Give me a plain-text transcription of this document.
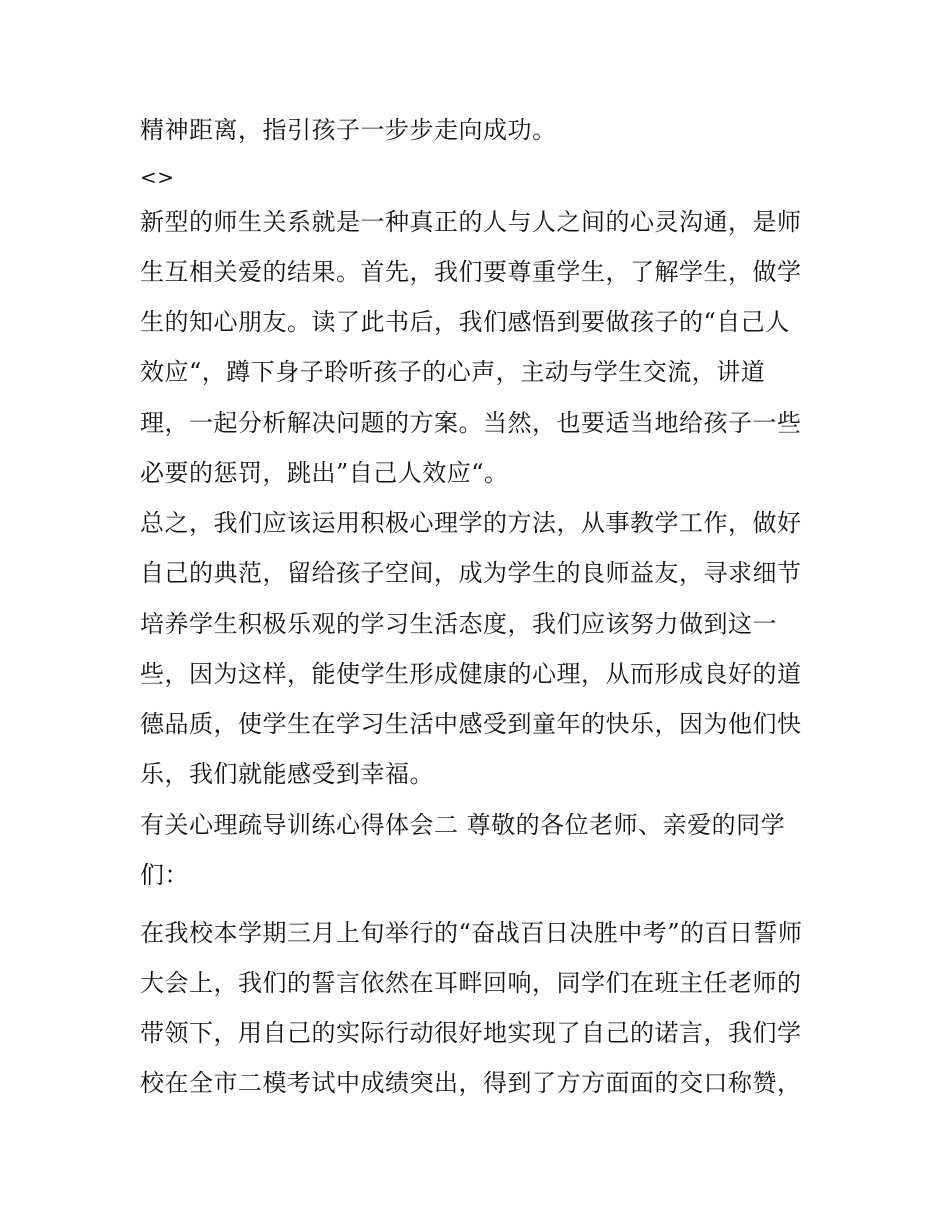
精神距离，指引孩子一步步走向成功。
<>
新型的师生关系就是一种真正的人与人之间的心灵沟通，是师
生互相关爱的结果。首先，我们要尊重学生，了解学生，做学
生的知心朋友。读了此书后，我们感悟到要做孩子的“自己人
效应“，蹲下身子聆听孩子的心声，主动与学生交流，讲道
理，一起分析解决问题的方案。当然，也要适当地给孩子一些
必要的惩罚，跳出”自己人效应“。
总之，我们应该运用积极心理学的方法，从事教学工作，做好
自己的典范，留给孩子空间，成为学生的良师益友，寻求细节
培养学生积极乐观的学习生活态度，我们应该努力做到这一
些，因为这样，能使学生形成健康的心理，从而形成良好的道
德品质，使学生在学习生活中感受到童年的快乐，因为他们快
乐，我们就能感受到幸福。
有关心理疏导训练心得体会二 尊敬的各位老师、亲爱的同学
们：
在我校本学期三月上旬举行的“奋战百日决胜中考”的百日誓师
大会上，我们的誓言依然在耳畔回响，同学们在班主任老师的
带领下，用自己的实际行动很好地实现了自己的诺言，我们学
校在全市二模考试中成绩突出，得到了方方面面的交口称赞，
